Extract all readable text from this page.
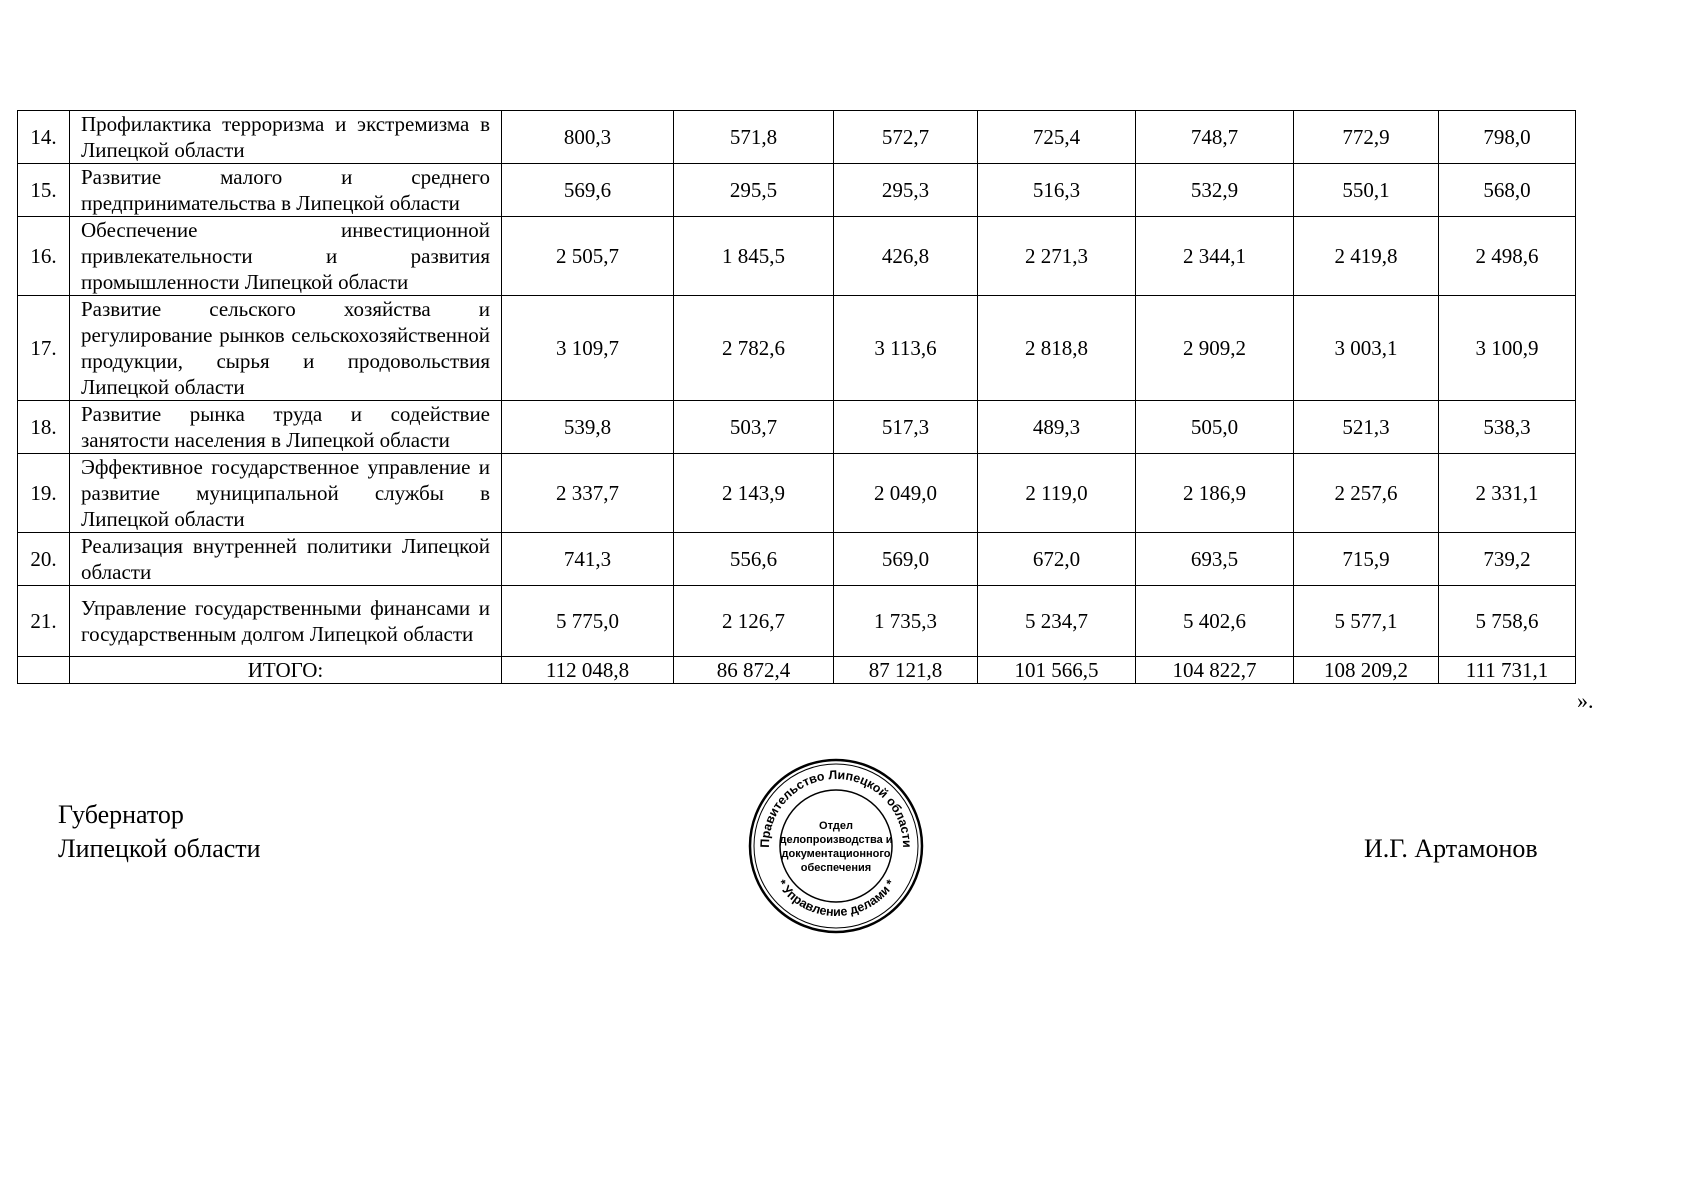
14.	Профилактика терроризма и экстремизма в Липецкой области	800,3	571,8	572,7	725,4	748,7	772,9	798,0
15.	Развитие малого и среднего предпринимательства в Липецкой области	569,6	295,5	295,3	516,3	532,9	550,1	568,0
16.	Обеспечение инвестиционной привлекательности и развития промышленности Липецкой области	2 505,7	1 845,5	426,8	2 271,3	2 344,1	2 419,8	2 498,6
17.	Развитие сельского хозяйства и регулирование рынков сельскохозяйственной продукции, сырья и продовольствия Липецкой области	3 109,7	2 782,6	3 113,6	2 818,8	2 909,2	3 003,1	3 100,9
18.	Развитие рынка труда и содействие занятости населения в Липецкой области	539,8	503,7	517,3	489,3	505,0	521,3	538,3
19.	Эффективное государственное управление и развитие муниципальной службы в Липецкой области	2 337,7	2 143,9	2 049,0	2 119,0	2 186,9	2 257,6	2 331,1
20.	Реализация внутренней политики Липецкой области	741,3	556,6	569,0	672,0	693,5	715,9	739,2
21.	Управление государственными финансами и государственным долгом Липецкой области	5 775,0	2 126,7	1 735,3	5 234,7	5 402,6	5 577,1	5 758,6
	ИТОГО:	112 048,8	86 872,4	87 121,8	101 566,5	104 822,7	108 209,2	111 731,1
».
Губернатор
Липецкой области	И.Г. Артамонов
Правительство Липецкой области
Отдел делопроизводства и документационного обеспечения
* Управление делами *
